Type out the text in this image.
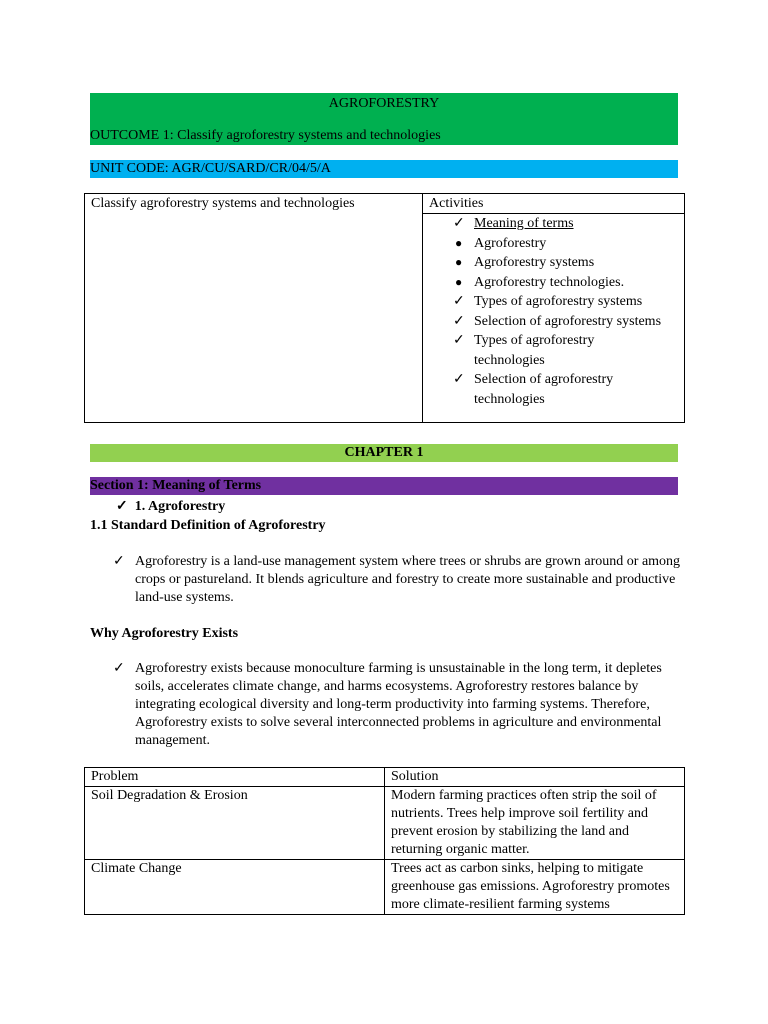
AGROFORESTRY
OUTCOME 1: Classify agroforestry systems and technologies
UNIT CODE: AGR/CU/SARD/CR/04/5/A
Classify agroforestry systems and technologies	Activities
✓ Meaning of terms
● Agroforestry
● Agroforestry systems
● Agroforestry technologies.
✓ Types of agroforestry systems
✓ Selection of agroforestry systems
✓ Types of agroforestry technologies
✓ Selection of agroforestry technologies
CHAPTER 1
Section 1: Meaning of Terms
✓ 1. Agroforestry
1.1 Standard Definition of Agroforestry
✓ Agroforestry is a land-use management system where trees or shrubs are grown around or among crops or pastureland. It blends agriculture and forestry to create more sustainable and productive land-use systems.
Why Agroforestry Exists
✓ Agroforestry exists because monoculture farming is unsustainable in the long term, it depletes soils, accelerates climate change, and harms ecosystems. Agroforestry restores balance by integrating ecological diversity and long-term productivity into farming systems. Therefore, Agroforestry exists to solve several interconnected problems in agriculture and environmental management.
Problem	Solution
Soil Degradation & Erosion	Modern farming practices often strip the soil of nutrients. Trees help improve soil fertility and prevent erosion by stabilizing the land and returning organic matter.
Climate Change	Trees act as carbon sinks, helping to mitigate greenhouse gas emissions. Agroforestry promotes more climate-resilient farming systems
